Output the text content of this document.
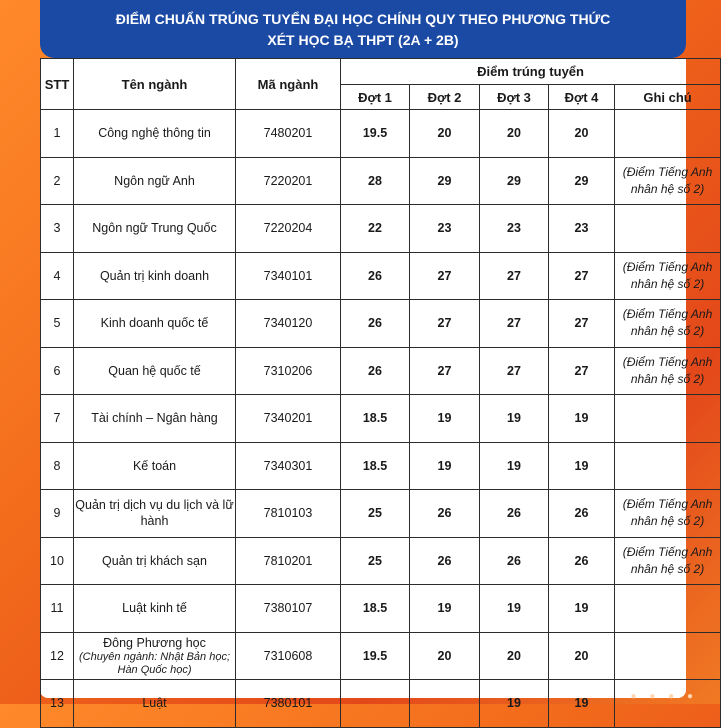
ĐIỂM CHUẨN TRÚNG TUYỂN ĐẠI HỌC CHÍNH QUY THEO PHƯƠNG THỨC
XÉT HỌC BẠ THPT (2A + 2B)
STT	Tên ngành	Mã ngành	Điểm trúng tuyển				
			Đợt 1	Đợt 2	Đợt 3	Đợt 4	Ghi chú
1	Công nghệ thông tin	7480201	19.5	20	20	20	
2	Ngôn ngữ Anh	7220201	28	29	29	29	(Điểm Tiếng Anh nhân hệ số 2)
3	Ngôn ngữ Trung Quốc	7220204	22	23	23	23	
4	Quản trị kinh doanh	7340101	26	27	27	27	(Điểm Tiếng Anh nhân hệ số 2)
5	Kinh doanh quốc tế	7340120	26	27	27	27	(Điểm Tiếng Anh nhân hệ số 2)
6	Quan hệ quốc tế	7310206	26	27	27	27	(Điểm Tiếng Anh nhân hệ số 2)
7	Tài chính – Ngân hàng	7340201	18.5	19	19	19	
8	Kế toán	7340301	18.5	19	19	19	
9	Quản trị dịch vụ du lịch và lữ hành	7810103	25	26	26	26	(Điểm Tiếng Anh nhân hệ số 2)
10	Quản trị khách sạn	7810201	25	26	26	26	(Điểm Tiếng Anh nhân hệ số 2)
11	Luật kinh tế	7380107	18.5	19	19	19	
12	Đông Phương học
(Chuyên ngành: Nhật Bản học; Hàn Quốc học)	7310608	19.5	20	20	20	
13	Luật	7380101			19	19		● ● ● ●
